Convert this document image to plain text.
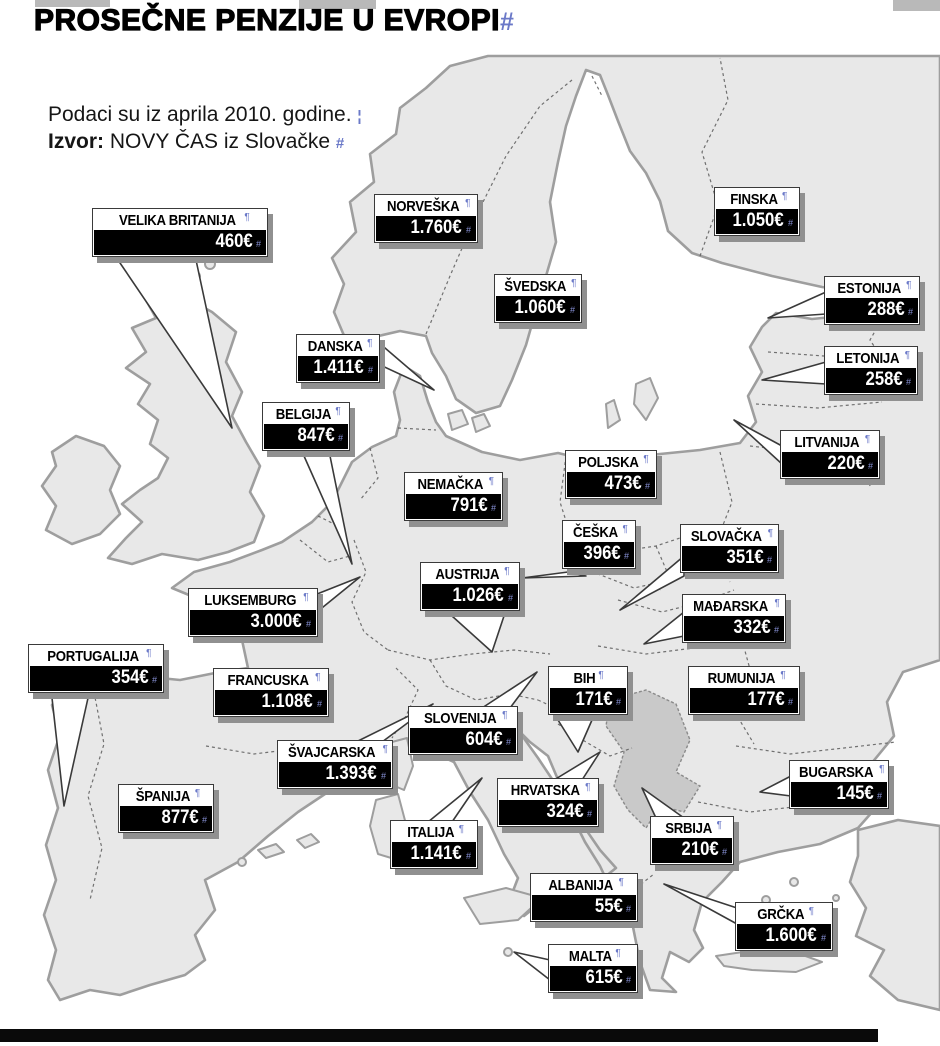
PROSEČNE PENZIJE U EVROPI#
Podaci su iz aprila 2010. godine. ¦
Izvor: NOVY ČAS iz Slovačke #
VELIKA BRITANIJA ¶
460€ #
NORVEŠKA ¶
1.760€ #
FINSKA ¶
1.050€ #
ŠVEDSKA ¶
1.060€ #
ESTONIJA ¶
288€ #
DANSKA ¶
1.411€ #
LETONIJA ¶
258€ #
BELGIJA ¶
847€ #	LITVANIJA ¶
220€ #
NEMAČKA ¶
791€ #
POLJSKA ¶
473€ #
ČEŠKA ¶
396€ #
SLOVAČKA ¶
351€ #
AUSTRIJA ¶
1.026€ #	MAĐARSKA ¶
332€ #
LUKSEMBURG ¶
3.000€ #
PORTUGALIJA ¶
354€ #	FRANCUSKA ¶
1.108€ #
BIH ¶
171€ #
RUMUNIJA ¶
177€ #
SLOVENIJA ¶
604€ #
ŠVAJCARSKA ¶
1.393€ #
HRVATSKA ¶
324€ #
BUGARSKA ¶
145€ #
ŠPANIJA ¶
877€ #
ITALIJA ¶
1.141€ #
SRBIJA ¶
210€ #
ALBANIJA ¶
55€ #	GRČKA ¶
1.600€ #
MALTA ¶
615€ #
